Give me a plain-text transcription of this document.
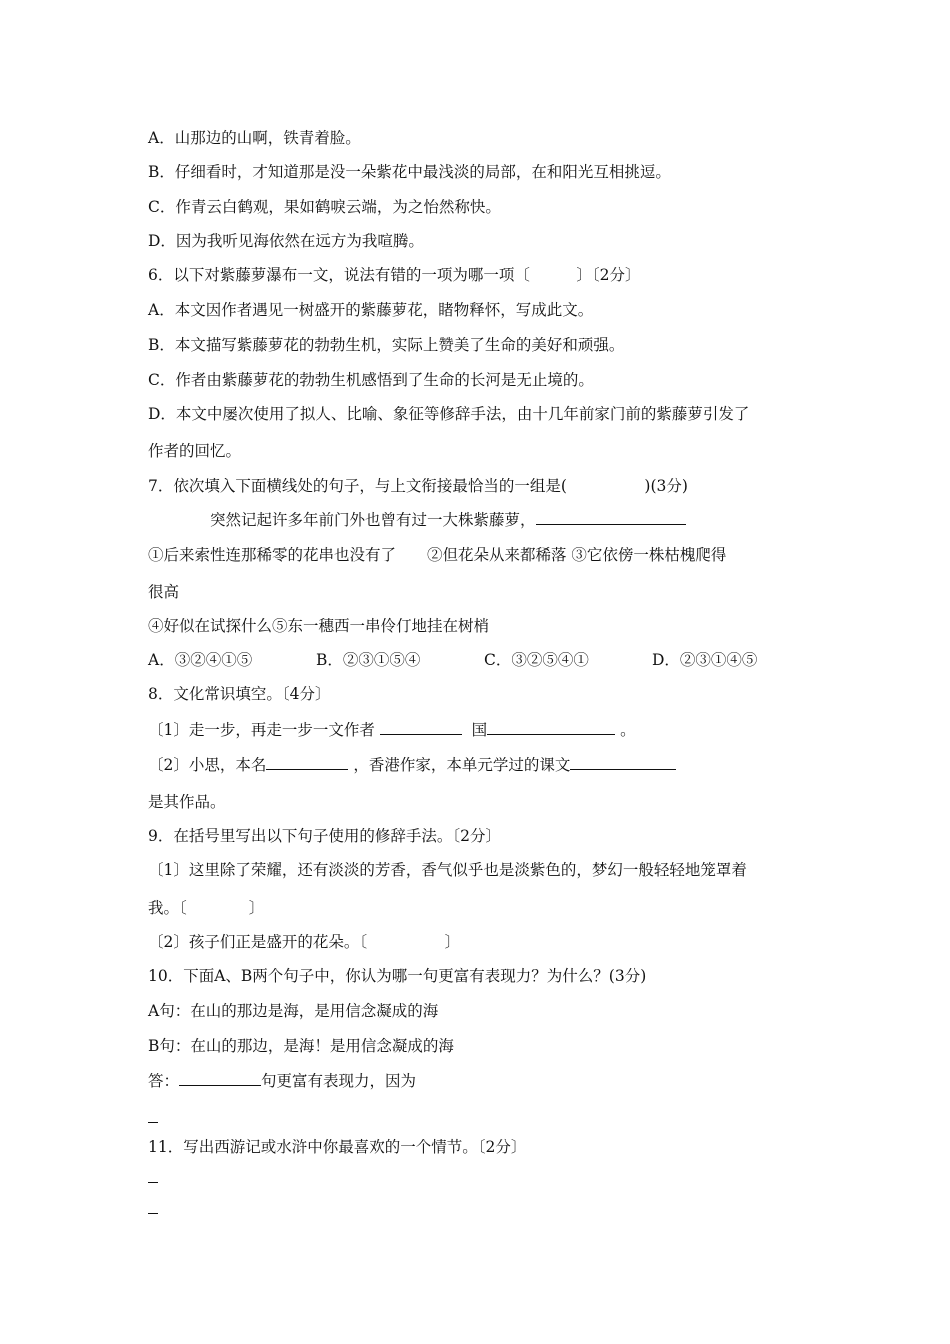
A．山那边的山啊，铁青着脸。
B．仔细看时，才知道那是没一朵紫花中最浅淡的局部，在和阳光互相挑逗。
C．作青云白鹤观，果如鹤唳云端，为之怡然称快。
D．因为我听见海依然在远方为我喧腾。
6．以下对紫藤萝瀑布一文，说法有错的一项为哪一项〔　　　〕〔2分〕
A．本文因作者遇见一树盛开的紫藤萝花，睹物释怀，写成此文。
B．本文描写紫藤萝花的勃勃生机，实际上赞美了生命的美好和顽强。
C．作者由紫藤萝花的勃勃生机感悟到了生命的长河是无止境的。
D．本文中屡次使用了拟人、比喻、象征等修辞手法，由十几年前家门前的紫藤萝引发了
作者的回忆。
7．依次填入下面横线处的句子，与上文衔接最恰当的一组是(　　　　　)(3分)
突然记起许多年前门外也曾有过一大株紫藤萝，
①后来索性连那稀零的花串也没有了　　②但花朵从来都稀落 ③它依傍一株枯槐爬得
很高
④好似在试探什么⑤东一穗西一串伶仃地挂在树梢
A．③②④①⑤	B．②③①⑤④	C．③②⑤④①	D．②③①④⑤
8．文化常识填空。〔4分〕
〔1〕走一步，再走一步一文作者	国	。
〔2〕小思，本名	，香港作家，本单元学过的课文
是其作品。
9．在括号里写出以下句子使用的修辞手法。〔2分〕
〔1〕这里除了荣耀，还有淡淡的芳香，香气似乎也是淡紫色的，梦幻一般轻轻地笼罩着
我。〔　　　　〕
〔2〕孩子们正是盛开的花朵。〔　　　　　〕
10．下面A、B两个句子中，你认为哪一句更富有表现力？为什么？(3分)
A句：在山的那边是海，是用信念凝成的海
B句：在山的那边，是海！是用信念凝成的海
答：	句更富有表现力，因为
11．写出西游记或水浒中你最喜欢的一个情节。〔2分〕
